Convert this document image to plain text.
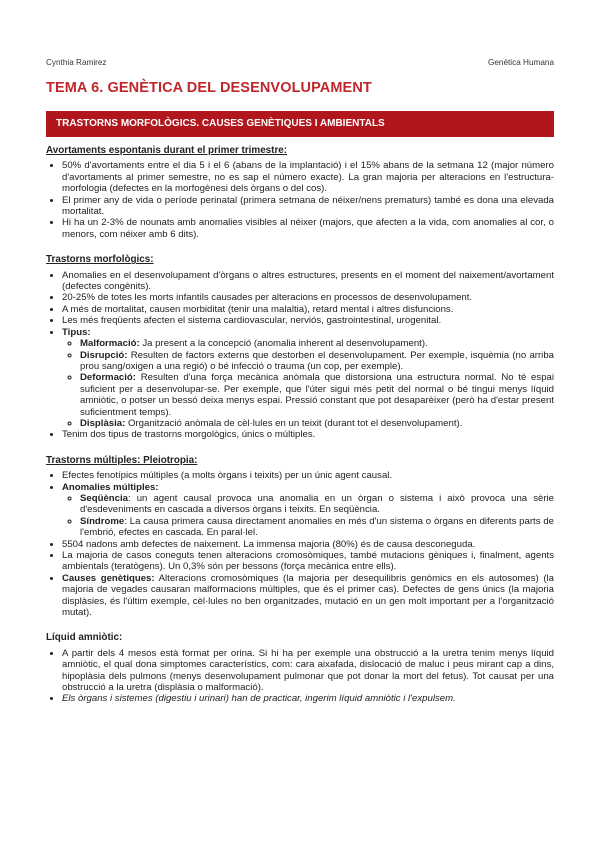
Cynthia Ramirez	Genètica Humana
TEMA 6. GENÈTICA DEL DESENVOLUPAMENT
TRASTORNS MORFOLÒGICS. CAUSES GENÈTIQUES I AMBIENTALS
Avortaments espontanis durant el primer trimestre:
• 50% d'avortaments entre el dia 5 i el 6 (abans de la implantació) i el 15% abans de la setmana 12 (major número d'avortaments al primer semestre, no es sap el número exacte). La gran majoria per alteracions en l'estructura-morfologia (defectes en la morfogènesi dels òrgans o del cos).
• El primer any de vida o període perinatal (primera setmana de néixer/nens prematurs) també es dona una elevada mortalitat.
• Hi ha un 2-3% de nounats amb anomalies visibles al néixer (majors, que afecten a la vida, com anomalies al cor, o menors, com néixer amb 6 dits).
Trastorns morfològics:
• Anomalies en el desenvolupament d'òrgans o altres estructures, presents en el moment del naixement/avortament (defectes congènits).
• 20-25% de totes les morts infantils causades per alteracions en processos de desenvolupament.
• A més de mortalitat, causen morbiditat (tenir una malaltia), retard mental i altres disfuncions.
• Les més freqüents afecten el sistema cardiovascular, nerviós, gastrointestinal, urogenital.
• Tipus:
◦ Malformació: Ja present a la concepció (anomalia inherent al desenvolupament).
◦ Disrupció: Resulten de factors externs que destorben el desenvolupament. Per exemple, isquèmia (no arriba prou sang/oxigen a una regió) o bé infecció o trauma (un cop, per exemple).
◦ Deformació: Resulten d'una força mecànica anòmala que distorsiona una estructura normal. No té espai suficient per a desenvolupar-se. Per exemple, que l'úter sigui més petit del normal o bé tingui menys líquid amniòtic, o potser un bessó deixa menys espai. Pressió constant que pot desaparèixer (però ha d'estar present suficientment temps).
◦ Displàsia: Organització anòmala de cèl·lules en un teixit (durant tot el desenvolupament).
• Tenim dos tipus de trastorns morgològics, únics o múltiples.
Trastorns múltiples: Pleiotropia:
• Efectes fenotípics múltiples (a molts òrgans i teixits) per un únic agent causal.
• Anomalies múltiples:
◦ Seqüència: un agent causal provoca una anomalia en un òrgan o sistema i això provoca una sèrie d'esdeveniments en cascada a diversos òrgans i teixits. En seqüència.
◦ Síndrome: La causa primera causa directament anomalies en més d'un sistema o òrgans en diferents parts de l'embrió, efectes en cascada. En paral·lel.
• 5504 nadons amb defectes de naixement. La immensa majoria (80%) és de causa desconeguda.
• La majoria de casos coneguts tenen alteracions cromosòmiques, també mutacions gèniques i, finalment, agents ambientals (teratògens). Un 0,3% són per bessons (força mecànica entre ells).
• Causes genètiques: Alteracions cromosòmiques (la majoria per desequilibris genòmics en els autosomes) (la majoria de vegades causaran malformacions múltiples, que és el primer cas). Defectes de gens únics (la majoria displàsies, és l'últim exemple, cèl·lules no ben organitzades, mutació en un gen molt important per a l'organització mutat).
Líquid amniòtic:
• A partir dels 4 mesos està format per orina. Si hi ha per exemple una obstrucció a la uretra tenim menys líquid amniòtic, el qual dona simptomes característics, com: cara aixafada, dislocació de maluc i peus mirant cap a dins, hipoplàsia dels pulmons (menys desenvolupament pulmonar que pot donar la mort del fetus). Tot causat per una obstrucció a la uretra (displàsia o malformació).
• Els òrgans i sistemes (digestiu i urinari) han de practicar, ingerim líquid amniòtic i l'expulsem.
